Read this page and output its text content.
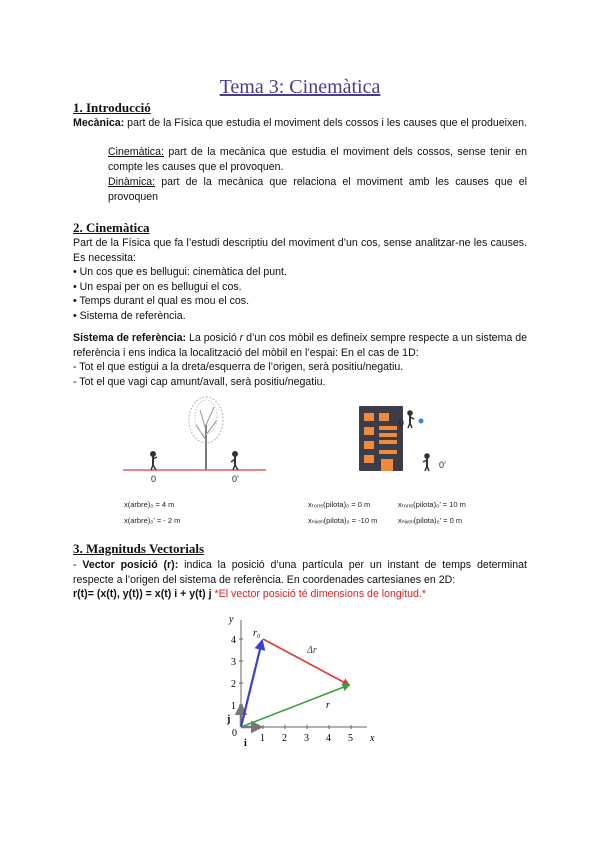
Tema 3: Cinemàtica
1. Introducció
Mecànica: part de la Física que estudia el moviment dels cossos i les causes que el produeixen.
Cinemàtica: part de la mecànica que estudia el moviment dels cossos, sense tenir en compte les causes que el provoquen.
Dinàmica: part de la mecànica que relaciona el moviment amb les causes que el provoquen
2. Cinemàtica
Part de la Física que fa l’estudi descriptiu del moviment d’un cos, sense analitzar-ne les causes. Es necessita:
• Un cos que es bellugui: cinemàtica del punt.
• Un espai per on es bellugui el cos.
• Temps durant el qual es mou el cos.
• Sistema de referència.
Sistema de referència: La posició r d’un cos mòbil es defineix sempre respecte a un sistema de referència i ens indica la localització del mòbil en l’espai: En el cas de 1D:
- Tot el que estigui a la dreta/esquerra de l’origen, serà positiu/negatiu.
- Tot el que vagi cap amunt/avall, serà positiu/negatiu.
0	0’
x(arbre)₀ = 4 m
x(arbre)₀’ = - 2 m
0
0’
xₜₒᵣᵣₑ(pilota)₀ = 0 m	xₜₒᵣᵣₑ(pilota)₀’ = 10 m
xₙᵢᵥₑₗₗ(pilota)₀ = -10 m	xₙᵢᵥₑₗₗ(pilota)₀’ = 0 m
3. Magnituds Vectorials
- Vector posició (r): indica la posició d’una partícula per un instant de temps determinat respecte a l’origen del sistema de referència. En coordenades cartesianes en 2D:
r(t)= (x(t), y(t)) = x(t) i + y(t) j *El vector posició té dimensions de longitud.*
y
x
0 1 2 3 4 5
1
2
3
4
j
i
r₀
Δr
r
